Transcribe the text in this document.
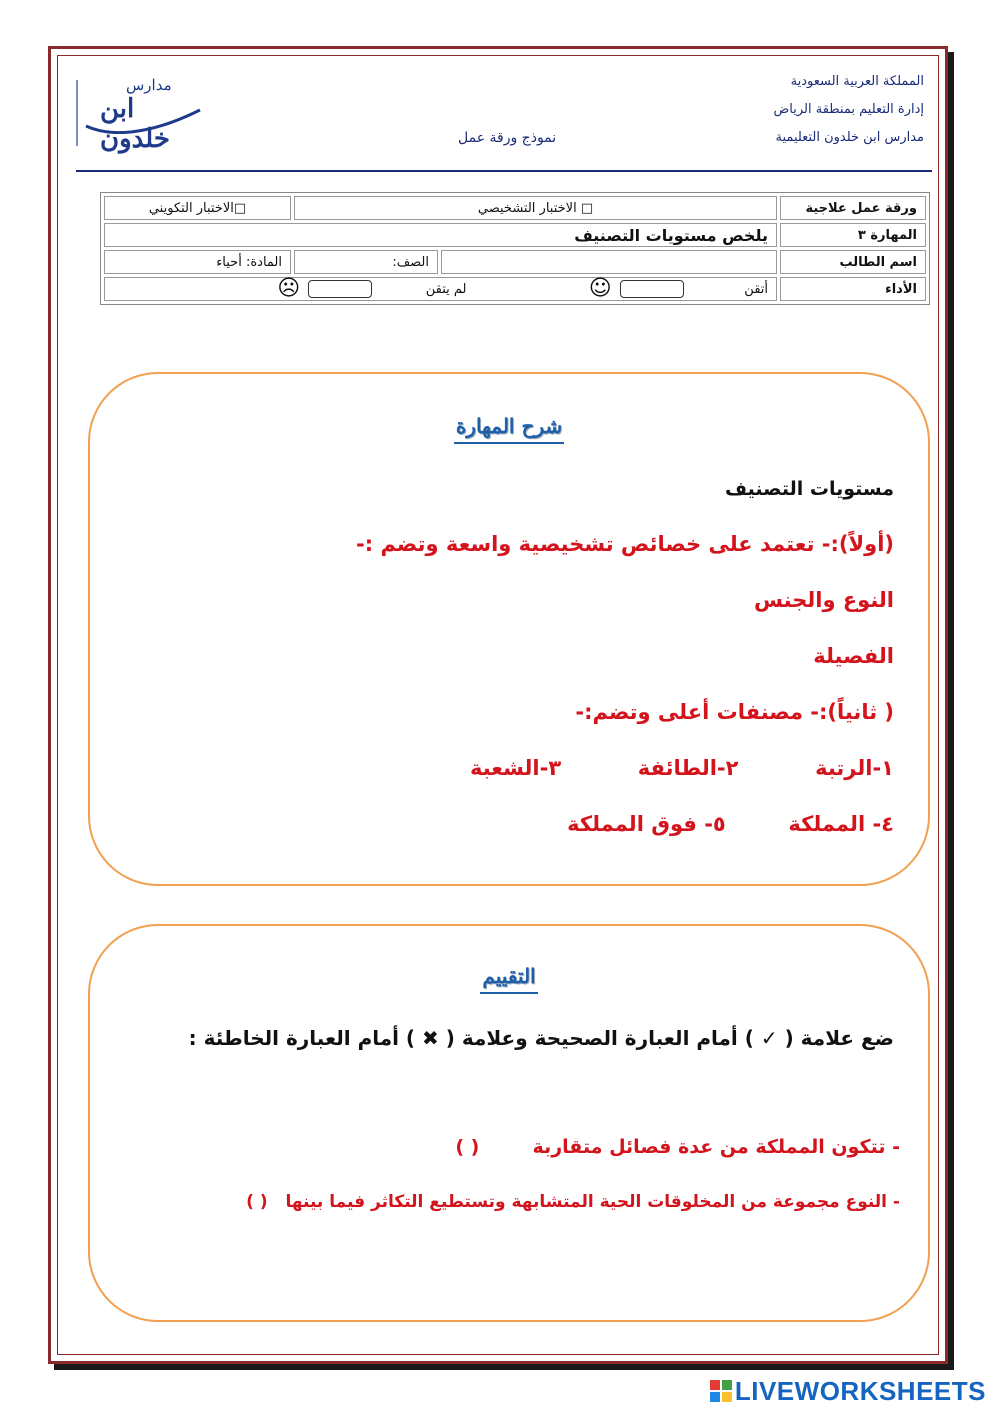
المملكة العربية السعودية
إدارة التعليم بمنطقة الرياض
مدارس ابن خلدون التعليمية
نموذج ورقة عمل
مدارس
ابن خلدون
ورقة عمل علاجية	□ الاختبار التشخيصي		□الاختبار التكويني
المهارة ٣	يلخص مستويات التصنيف		
اسم الطالب		الصف:	المادة: أحياء
الأداء	أتقن  ☺  لم يتقن  ☹		
شرح المهارة
مستويات التصنيف
(أولاً):- تعتمد على خصائص تشخيصية واسعة وتضم :-
النوع والجنس
الفصيلة
( ثانياً):- مصنفات أعلى وتضم:-
١-الرتبة  ٢-الطائفة  ٣-الشعبة
٤- المملكة  ٥- فوق المملكة
التقييم
ضع علامة ( ✓ ) أمام العبارة الصحيحة وعلامة ( ✖ ) أمام العبارة الخاطئة :
- تتكون المملكة من عدة فصائل متقاربة  ( )
- النوع مجموعة من المخلوقات الحية المتشابهة وتستطيع التكاثر فيما بينها  ( )
LIVEWORKSHEETS
